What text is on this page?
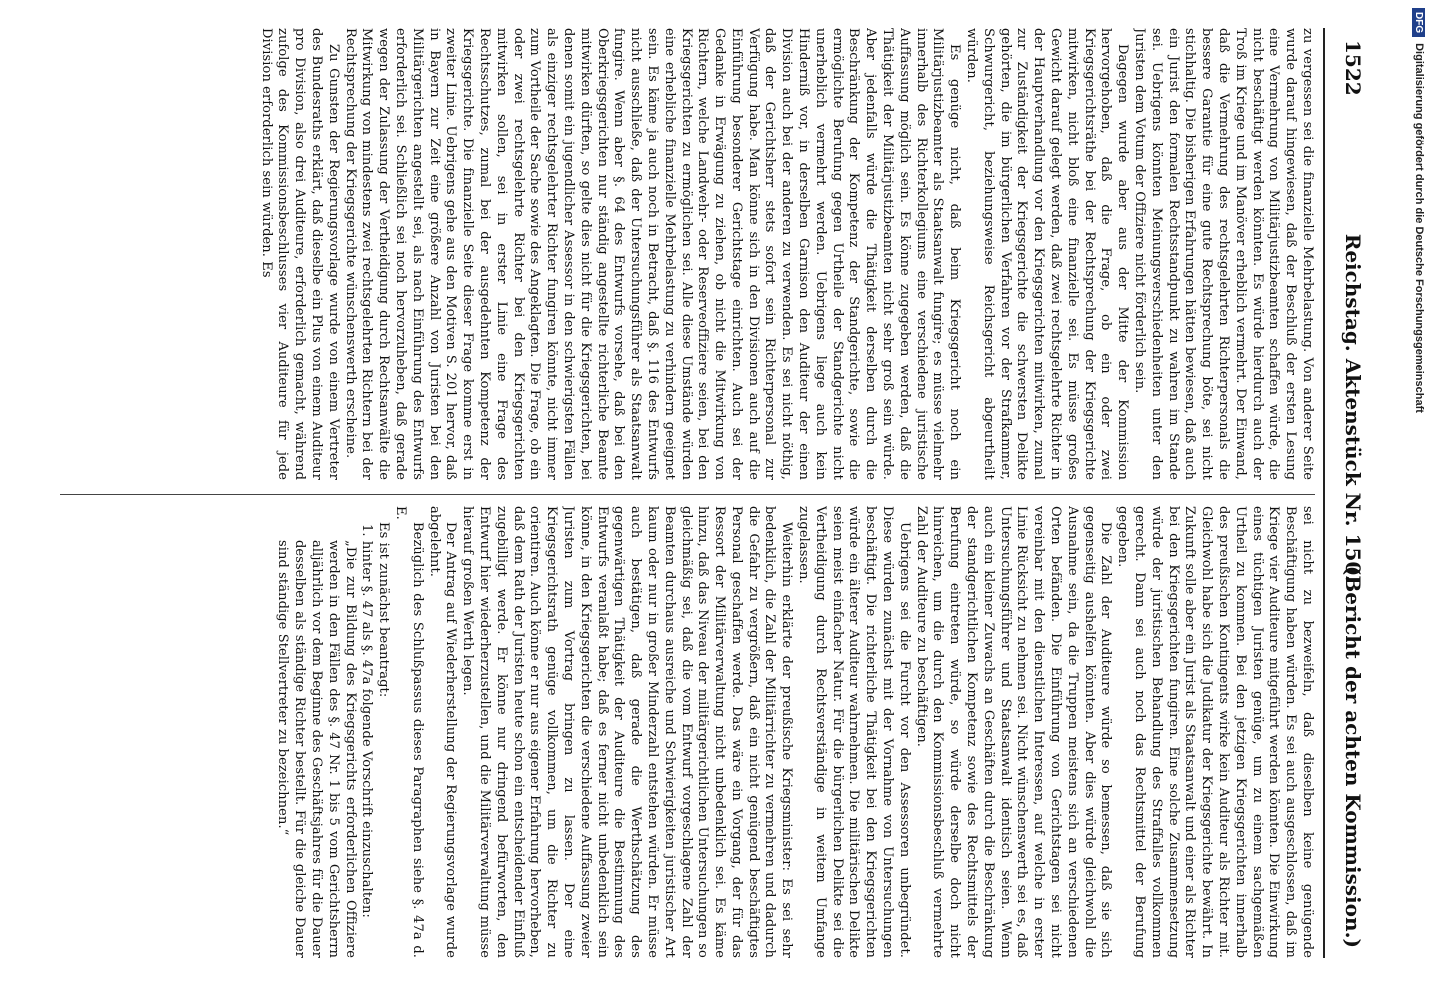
DFGDigitalisierung gefördert durch die Deutsche Forschungsgemeinschaft
1522
Reichstag. Aktenstück Nr. 150.
(Bericht der achten Kommission.)

zu vergessen sei die finanzielle Mehrbelastung. Von anderer Seite wurde darauf hingewiesen, daß der Beschluß der ersten Lesung eine Vermehrung von Militärjustizbeamten schaffen würde, die nicht beschäftigt werden könnten. Es würde hierdurch auch der Troß im Kriege und im Manöver erheblich vermehrt. Der Einwand, daß die Vermehrung des rechtsgelehrten Richterpersonals die bessere Garantie für eine gute Rechtsprechung böte, sei nicht stichhaltig. Die bisherigen Erfahrungen hätten bewiesen, daß auch ein Jurist den formalen Rechtsstandpunkt zu wahren im Stande sei. Uebrigens könnten Meinungsverschiedenheiten unter den Juristen dem Votum der Offiziere nicht förderlich sein.

Dagegen wurde aber aus der Mitte der Kommission hervorgehoben, daß die Frage, ob ein oder zwei Kriegsgerichtsräthe bei der Rechtsprechung der Kriegsgerichte mitwirken, nicht bloß eine finanzielle sei. Es müsse großes Gewicht darauf gelegt werden, daß zwei rechtsgelehrte Richter in der Hauptverhandlung vor den Kriegsgerichten mitwirken, zumal zur Zuständigkeit der Kriegsgerichte die schwersten Delikte gehörten, die im bürgerlichen Verfahren vor der Strafkammer, Schwurgericht, beziehungsweise Reichsgericht abgeurtheilt würden.

Es genüge nicht, daß beim Kriegsgericht noch ein Militärjustizbeamter als Staatsanwalt fungire; es müsse vielmehr innerhalb des Richterkollegiums eine verschiedene juristische Auffassung möglich sein. Es könne zugegeben werden, daß die Thätigkeit der Militärjustizbeamten nicht sehr groß sein würde. Aber jedenfalls würde die Thätigkeit derselben durch die Beschränkung der Kompetenz der Standgerichte, sowie die ermöglichte Berufung gegen Urtheile der Standgerichte nicht unerheblich vermehrt werden. Uebrigens liege auch kein Hinderniß vor, in derselben Garnison den Auditeur der einen Division auch bei der anderen zu verwenden. Es sei nicht nöthig, daß der Gerichtsherr stets sofort sein Richterpersonal zur Verfügung habe. Man könne sich in den Divisionen auch auf die Einführung besonderer Gerichtstage einrichten. Auch sei der Gedanke in Erwägung zu ziehen, ob nicht die Mitwirkung von Richtern, welche Landwehr- oder Reserveoffiziere seien, bei den Kriegsgerichten zu ermöglichen sei. Alle diese Umstände würden eine erhebliche finanzielle Mehrbelastung zu verhindern geeignet sein. Es käme ja auch noch in Betracht, daß §. 116 des Entwurfs nicht ausschließe, daß der Untersuchungsführer als Staatsanwalt fungire. Wenn aber §. 64 des Entwurfs vorsehe, daß bei den Oberkriegsgerichten nur ständig angestellte richterliche Beamte mitwirken dürften, so gelte dies nicht für die Kriegsgerichten, bei denen somit ein jugendlicher Assessor in den schwierigsten Fällen als einziger rechtsgelehrter Richter fungiren könnte, nicht immer zum Vortheile der Sache sowie des Angeklagten. Die Frage, ob ein oder zwei rechtsgelehrte Richter bei den Kriegsgerichten mitwirken sollen, sei in erster Linie eine Frage des Rechtsschutzes, zumal bei der ausgedehnten Kompetenz der Kriegsgerichte. Die finanzielle Seite dieser Frage komme erst in zweiter Linie. Uebrigens gehe aus den Motiven S. 201 hervor, daß in Bayern zur Zeit eine größere Anzahl von Juristen bei den Militärgerichten angestellt sei, als nach Einführung des Entwurfs erforderlich sei. Schließlich sei noch hervorzuheben, daß gerade wegen der Zulassung der Vertheidigung durch Rechtsanwälte die Mitwirkung von mindestens zwei rechtsgelehrten Richtern bei der Rechtsprechung der Kriegsgerichte wünschenswerth erscheine.

Zu Gunsten der Regierungsvorlage wurde von einem Vertreter des Bundesraths erklärt, daß dieselbe ein Plus von einem Auditeur pro Division, also drei Auditeure, erforderlich gemacht, während zufolge des Kommissionsbeschlusses vier Auditeure für jede Division erforderlich sein würden. Es

sei nicht zu bezweifeln, daß dieselben keine genügende Beschäftigung haben würden. Es sei auch ausgeschlossen, daß im Kriege vier Auditeure mitgeführt werden könnten. Die Einwirkung eines tüchtigen Juristen genüge, um zu einem sachgemäßen Urtheil zu kommen. Bei den jetzigen Kriegsgerichten innerhalb des preußischen Kontingents wirke kein Auditeur als Richter mit. Gleichwohl habe sich die Judikatur der Kriegsgerichte bewährt. In Zukunft solle aber ein Jurist als Staatsanwalt und einer als Richter bei den Kriegsgerichten fungiren. Eine solche Zusammensetzung würde der juristischen Behandlung des Straffalles vollkommen gerecht. Dann sei auch noch das Rechtsmittel der Berufung gegeben.

Die Zahl der Auditeure würde so bemessen, daß sie sich gegenseitig aushelfen könnten. Aber dies würde gleichwohl die Ausnahme sein, da die Truppen meistens sich an verschiedenen Orten befänden. Die Einführung von Gerichtstagen sei nicht vereinbar mit den dienstlichen Interessen, auf welche in erster Linie Rücksicht zu nehmen sei. Nicht wünschenswerth sei es, daß Untersuchungsführer und Staatsanwalt identisch seien. Wenn auch ein kleiner Zuwachs an Geschäften durch die Beschränkung der standgerichtlichen Kompetenz sowie des Rechtsmittels der Berufung eintreten würde, so würde derselbe doch nicht hinreichen, um die durch den Kommissionsbeschluß vermehrte Zahl der Auditeure zu beschäftigen.

Uebrigens sei die Furcht vor den Assessoren unbegründet. Diese würden zunächst mit der Vornahme von Untersuchungen beschäftigt. Die richterliche Thätigkeit bei den Kriegsgerichten würde ein älterer Auditeur wahrnehmen. Die militärischen Delikte seien meist einfacher Natur. Für die bürgerlichen Delikte sei die Vertheidigung durch Rechtsverständige in weitem Umfange zugelassen.

Weiterhin erklärte der preußische Kriegsminister: Es sei sehr bedenklich, die Zahl der Militärrichter zu vermehren und dadurch die Gefahr zu vergrößern, daß ein nicht genügend beschäftigtes Personal geschaffen werde. Das wäre ein Vorgang, der für das Ressort der Militärverwaltung nicht unbedenklich sei. Es käme hinzu, daß das Niveau der militärgerichtlichen Untersuchungen so gleichmäßig sei, daß die vom Entwurf vorgeschlagene Zahl der Beamten durchaus ausreiche und Schwierigkeiten juristischer Art kaum oder nur in großer Minderzahl entstehen würden. Er müsse auch bestätigen, daß gerade die Werthschätzung des gegenwärtigen Thätigkeit der Auditeure die Bestimmung des Entwurfs veranlaßt habe; daß es ferner nicht unbedenklich sein könne, in den Kriegsgerichten die verschiedene Auffassung zweier Juristen zum Vortrag bringen zu lassen. Der eine Kriegsgerichtsrath genüge vollkommen, um die Richter zu orientiren. Auch könne er nur aus eigener Erfahrung hervorheben, daß dem Rath der Juristen heute schon ein entscheidender Einfluß zugebilligt werde. Er könne nur dringend befürworten, den Entwurf hier wiederherzustellen, und die Militärverwaltung müsse hierauf großen Werth legen.

Der Antrag auf Wiederherstellung der Regierungsvorlage wurde abgelehnt.

Bezüglich des Schlußpassus dieses Paragraphen siehe §. 47a d. E.

Es ist zunächst beantragt:

1. hinter §. 47 als §. 47a folgende Vorschrift einzuschalten:

„Die zur Bildung des Kriegsgerichts erforderlichen Offiziere werden in den Fällen des §. 47 Nr. 1 bis 5 vom Gerichtsherrn alljährlich vor dem Beginne des Geschäftsjahres für die Dauer desselben als ständige Richter bestellt. Für die gleiche Dauer sind ständige Stellvertreter zu bezeichnen.“
